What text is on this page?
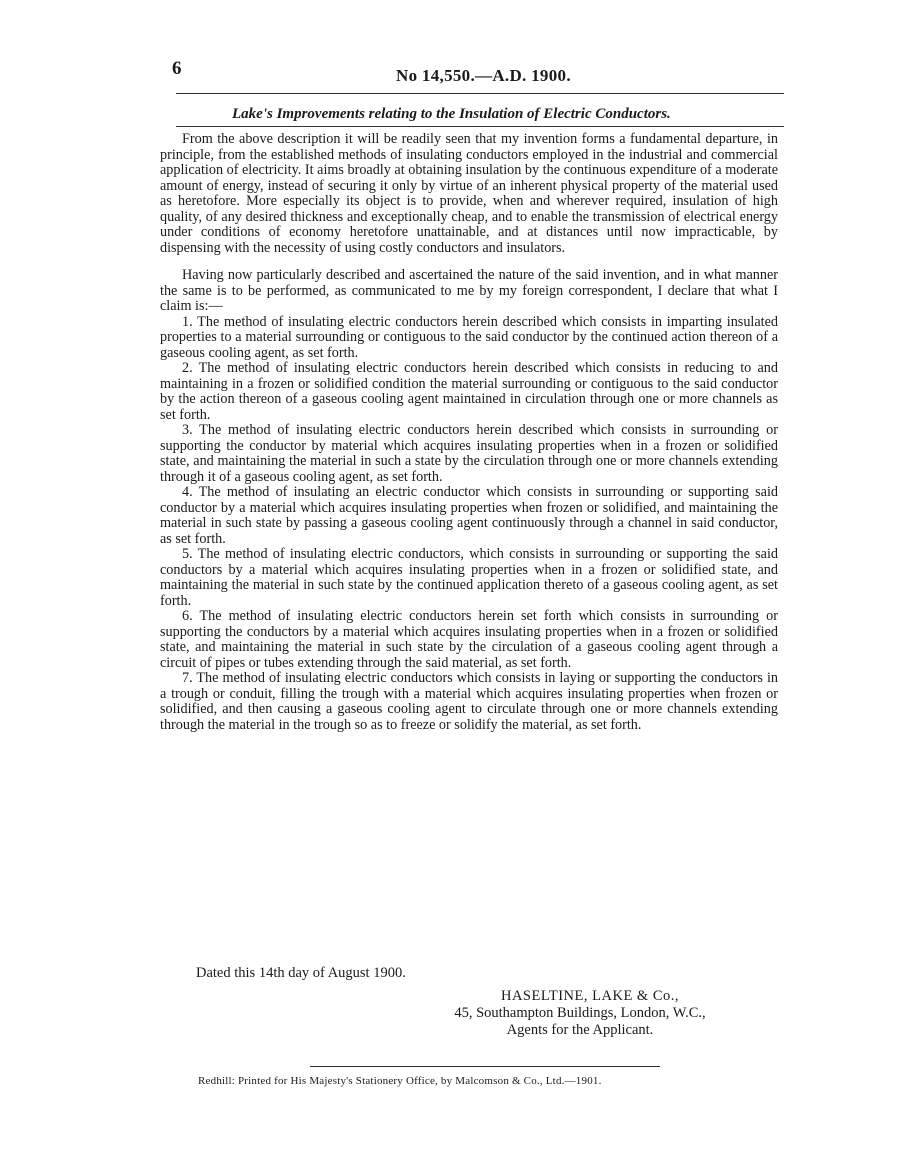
6	No 14,550.—A.D. 1900.
Lake's Improvements relating to the Insulation of Electric Conductors.

From the above description it will be readily seen that my invention forms a fundamental departure, in principle, from the established methods of insulating conductors employed in the industrial and commercial application of electricity. It aims broadly at obtaining insulation by the continuous expenditure of a moderate amount of energy, instead of securing it only by virtue of an inherent physical property of the material used as heretofore. More especially its object is to provide, when and wherever required, insulation of high quality, of any desired thickness and exceptionally cheap, and to enable the transmission of electrical energy under conditions of economy heretofore unattainable, and at distances until now impracticable, by dispensing with the necessity of using costly conductors and insulators.

Having now particularly described and ascertained the nature of the said invention, and in what manner the same is to be performed, as communicated to me by my foreign correspondent, I declare that what I claim is:—

1. The method of insulating electric conductors herein described which consists in imparting insulated properties to a material surrounding or contiguous to the said conductor by the continued action thereon of a gaseous cooling agent, as set forth.

2. The method of insulating electric conductors herein described which consists in reducing to and maintaining in a frozen or solidified condition the material surrounding or contiguous to the said conductor by the action thereon of a gaseous cooling agent maintained in circulation through one or more channels as set forth.

3. The method of insulating electric conductors herein described which consists in surrounding or supporting the conductor by material which acquires insulating properties when in a frozen or solidified state, and maintaining the material in such a state by the circulation through one or more channels extending through it of a gaseous cooling agent, as set forth.

4. The method of insulating an electric conductor which consists in surrounding or supporting said conductor by a material which acquires insulating properties when frozen or solidified, and maintaining the material in such state by passing a gaseous cooling agent continuously through a channel in said conductor, as set forth.

5. The method of insulating electric conductors, which consists in surrounding or supporting the said conductors by a material which acquires insulating properties when in a frozen or solidified state, and maintaining the material in such state by the continued application thereto of a gaseous cooling agent, as set forth.

6. The method of insulating electric conductors herein set forth which consists in surrounding or supporting the conductors by a material which acquires insulating properties when in a frozen or solidified state, and maintaining the material in such state by the circulation of a gaseous cooling agent through a circuit of pipes or tubes extending through the said material, as set forth.

7. The method of insulating electric conductors which consists in laying or supporting the conductors in a trough or conduit, filling the trough with a material which acquires insulating properties when frozen or solidified, and then causing a gaseous cooling agent to circulate through one or more channels extending through the material in the trough so as to freeze or solidify the material, as set forth.

Dated this 14th day of August 1900.
HASELTINE, LAKE & Co.,
45, Southampton Buildings, London, W.C.,
Agents for the Applicant.
Redhill: Printed for His Majesty's Stationery Office, by Malcomson & Co., Ltd.—1901.
